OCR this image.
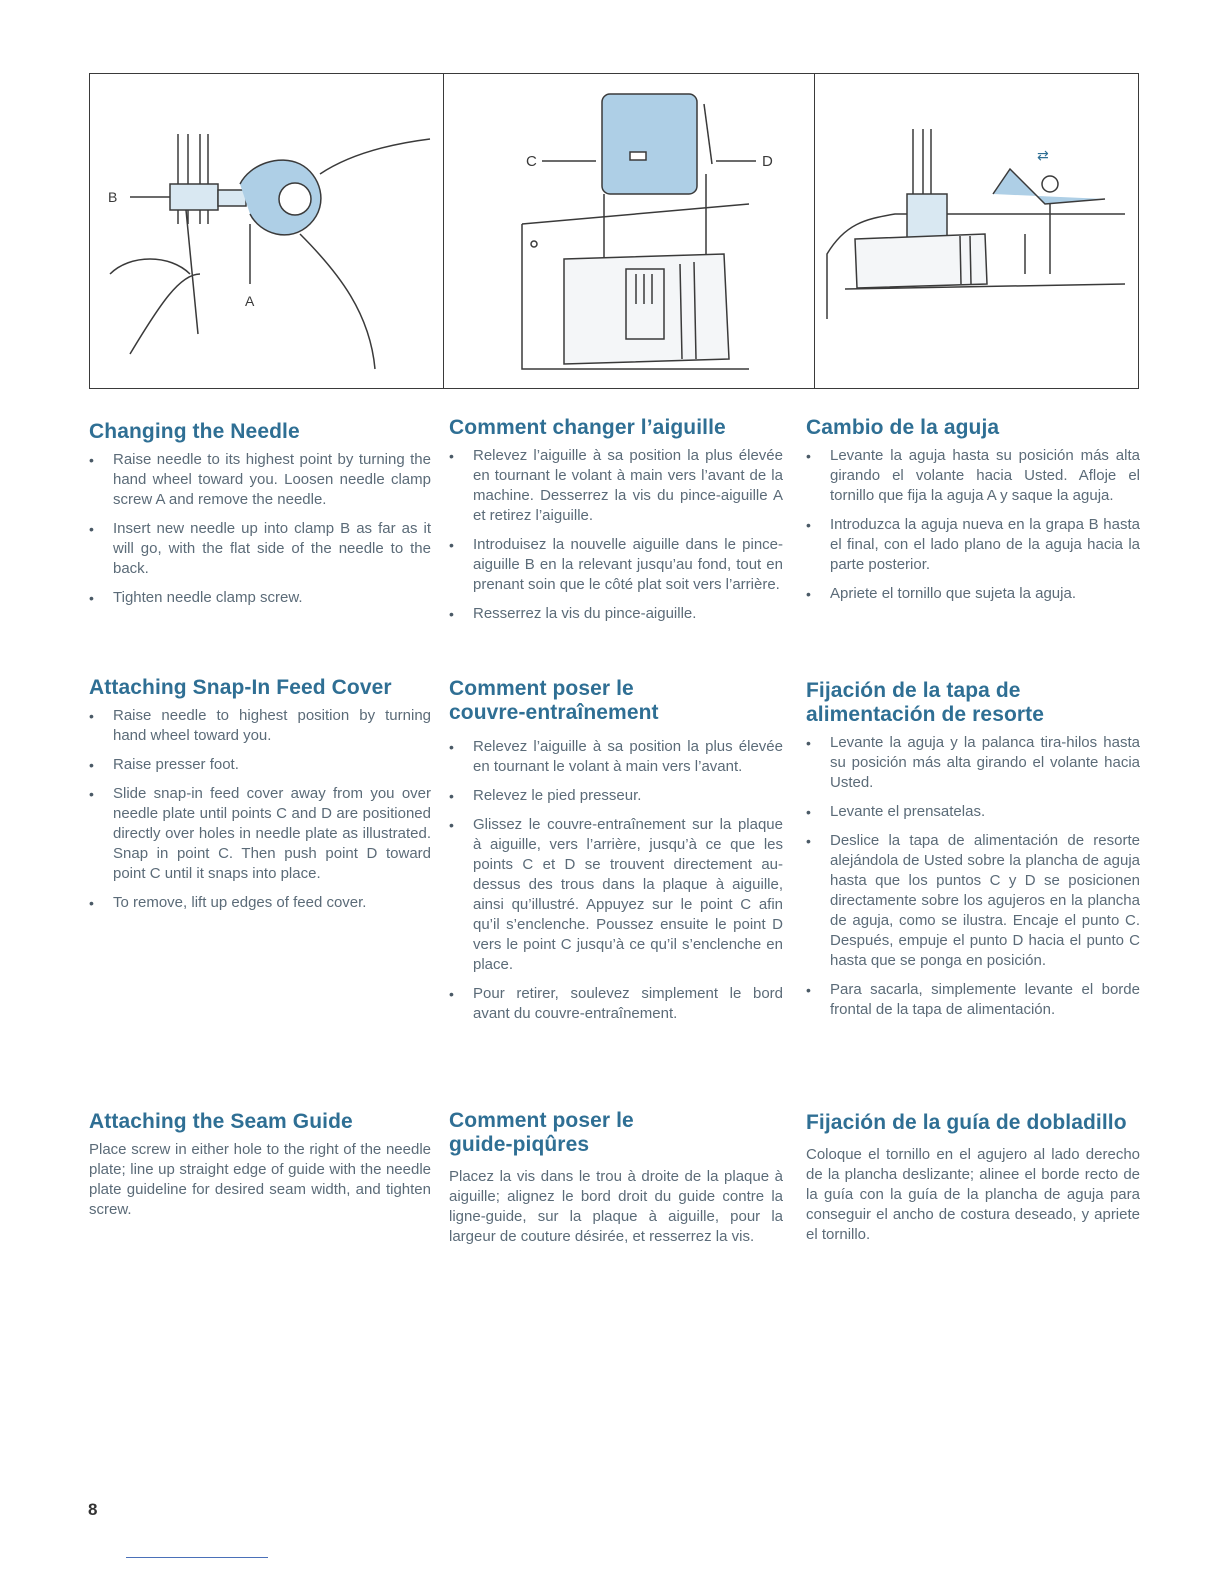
B
A
C	D	⇄
Changing the Needle
• Raise needle to its highest point by turning the hand wheel toward you. Loosen needle clamp screw A and remove the needle.
• Insert new needle up into clamp B as far as it will go, with the flat side of the needle to the back.
• Tighten needle clamp screw.
Attaching Snap-In Feed Cover
• Raise needle to highest position by turning hand wheel toward you.
• Raise presser foot.
• Slide snap-in feed cover away from you over needle plate until points C and D are positioned directly over holes in needle plate as illustrated. Snap in point C. Then push point D toward point C until it snaps into place.
• To remove, lift up edges of feed cover.
Attaching the Seam Guide

Place screw in either hole to the right of the needle plate; line up straight edge of guide with the needle plate guideline for desired seam width, and tighten screw.

Comment changer l’aiguille
• Relevez l’aiguille à sa position la plus élevée en tournant le volant à main vers l’avant de la machine. Desserrez la vis du pince-aiguille A et retirez l’aiguille.
• Introduisez la nouvelle aiguille dans le pince-aiguille B en la relevant jusqu’au fond, tout en prenant soin que le côté plat soit vers l’arrière.
• Resserrez la vis du pince-aiguille.
Comment poser le
couvre-entraînement
• Relevez l’aiguille à sa position la plus élevée en tournant le volant à main vers l’avant.
• Relevez le pied presseur.
• Glissez le couvre-entraînement sur la plaque à aiguille, vers l’arrière, jusqu’à ce que les points C et D se trouvent directement au-dessus des trous dans la plaque à aiguille, ainsi qu’illustré. Appuyez sur le point C afin qu’il s’enclenche. Poussez ensuite le point D vers le point C jusqu’à ce qu’il s’enclenche en place.
• Pour retirer, soulevez simplement le bord avant du couvre-entraînement.
Comment poser le
guide-piqûres

Placez la vis dans le trou à droite de la plaque à aiguille; alignez le bord droit du guide contre la ligne-guide, sur la plaque à aiguille, pour la largeur de couture désirée, et resserrez la vis.

Cambio de la aguja
• Levante la aguja hasta su posición más alta girando el volante hacia Usted. Afloje el tornillo que fija la aguja A y saque la aguja.
• Introduzca la aguja nueva en la grapa B hasta el final, con el lado plano de la aguja hacia la parte posterior.
• Apriete el tornillo que sujeta la aguja.
Fijación de la tapa de
alimentación de resorte
• Levante la aguja y la palanca tira-hilos hasta su posición más alta girando el volante hacia Usted.
• Levante el prensatelas.
• Deslice la tapa de alimentación de resorte alejándola de Usted sobre la plancha de aguja hasta que los puntos C y D se posicionen directamente sobre los agujeros en la plancha de aguja, como se ilustra. Encaje el punto C. Después, empuje el punto D hacia el punto C hasta que se ponga en posición.
• Para sacarla, simplemente levante el borde frontal de la tapa de alimentación.
Fijación de la guía de dobladillo

Coloque el tornillo en el agujero al lado derecho de la plancha deslizante; alinee el borde recto de la guía con la guía de la plancha de aguja para conseguir el ancho de costura deseado, y apriete el tornillo.

8
